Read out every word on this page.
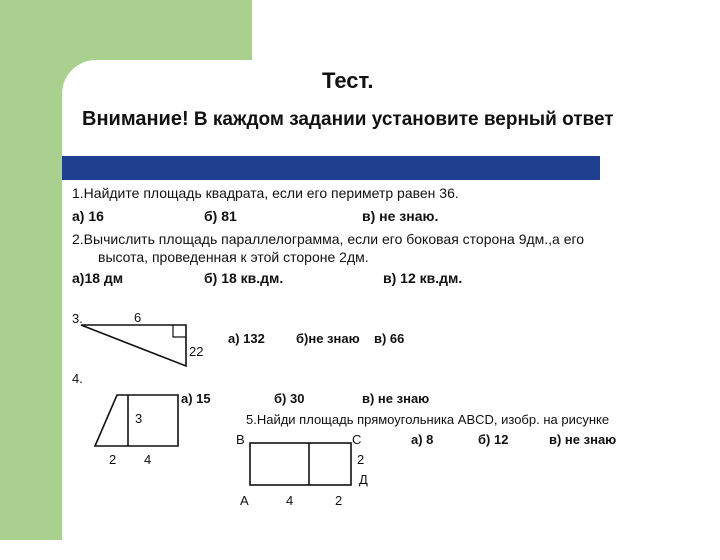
Тест.
Внимание! В каждом задании установите верный ответ
1.Найдите площадь квадрата, если его периметр равен 36.
а) 16	б) 81	в) не знаю.
2.Вычислить площадь параллелограмма, если его боковая сторона 9дм.,а его
высота, проведенная к этой стороне 2дм.
а)18 дм	б) 18 кв.дм.	в) 12 кв.дм.
3.	6
22
а) 132 б)не знаю в) 66
4.
3
2 4
а) 15	б) 30	в) не знаю
5.Найди площадь прямоугольника ABCD, изобр. на рисунке
В	С	а) 8	б) 12	в) не знаю
2
Д
А	4	2
